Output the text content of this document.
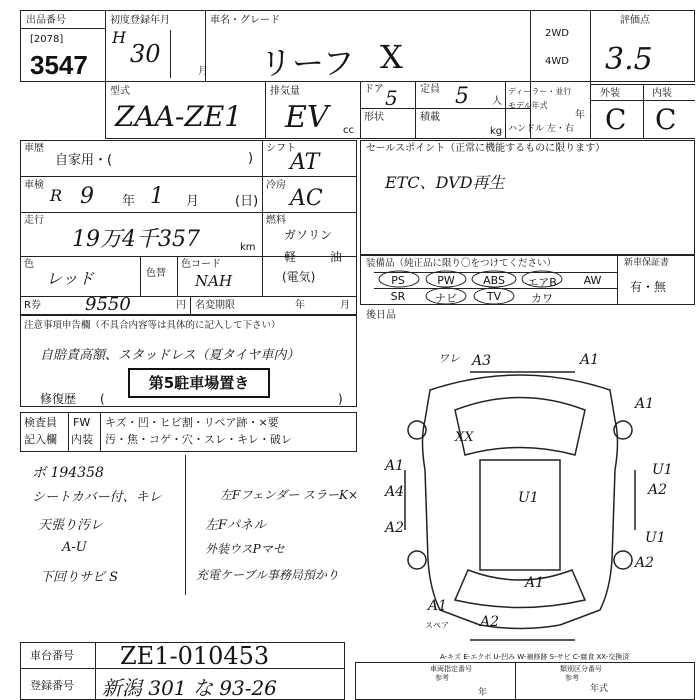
出品番号
[2078]
3547
初度登録年月
H
30
月
車名・グレード
リーフ X
2WD
4WD
評価点
3.5
外装	内装
C C
型式
ZAA-ZE1
排気量
EV cc
ドア 5
形状
定員 5 人
積載
kg
ディーラー・並行
モデル年式
年
ハンドル 左・右
車歴
自家用・(	)
シフト
AT
車検
R 9 年 1 月	(日)
冷房
AC
走行
19万4千357	km
燃料
ガソリン
軽	油
(電気)
色
レッド	色替
色コード
NAH
R券 9550	円 名変期限	年	月
セールスポイント（正常に機能するものに限ります）
ETC、DVD再生
装備品（純正品に限り〇をつけてください）	新車保証書
有・無
PS	PW	ABS	エアB	AW
SR	ナビ	TV	カワ
後日品
注意事項申告欄（不具合内容等は具体的に記入して下さい）
自賠責高額、スタッドレス（夏タイヤ車内）
第5駐車場置き
修復歴 (	)
検査員
記入欄
FW
内装
キズ・凹・ヒビ割・リペア跡・×要
汚・焦・コゲ・穴・スレ・キレ・破レ
ボ 194358
シートカバー付、キレ
天張り汚レ
A-U
下回りサビ S
左Fフェンダー スラーK×
左Fパネル
外装ウスPマセ
充電ケーブル事務局預かり
ワレ A3	A1
A1
XX
A1	U1
A4	A2
U1
A2
U1
A2
A1
A1
A2
スペア
A-キズ E-エクボ U-凹み W-補修跡 S-サビ C-腐食 XX-交換済
車台番号 ZE1-010453
登録番号 新潟 301 な 93-26
車両指定番号
参考
類別区分番号
参考
年式
年
